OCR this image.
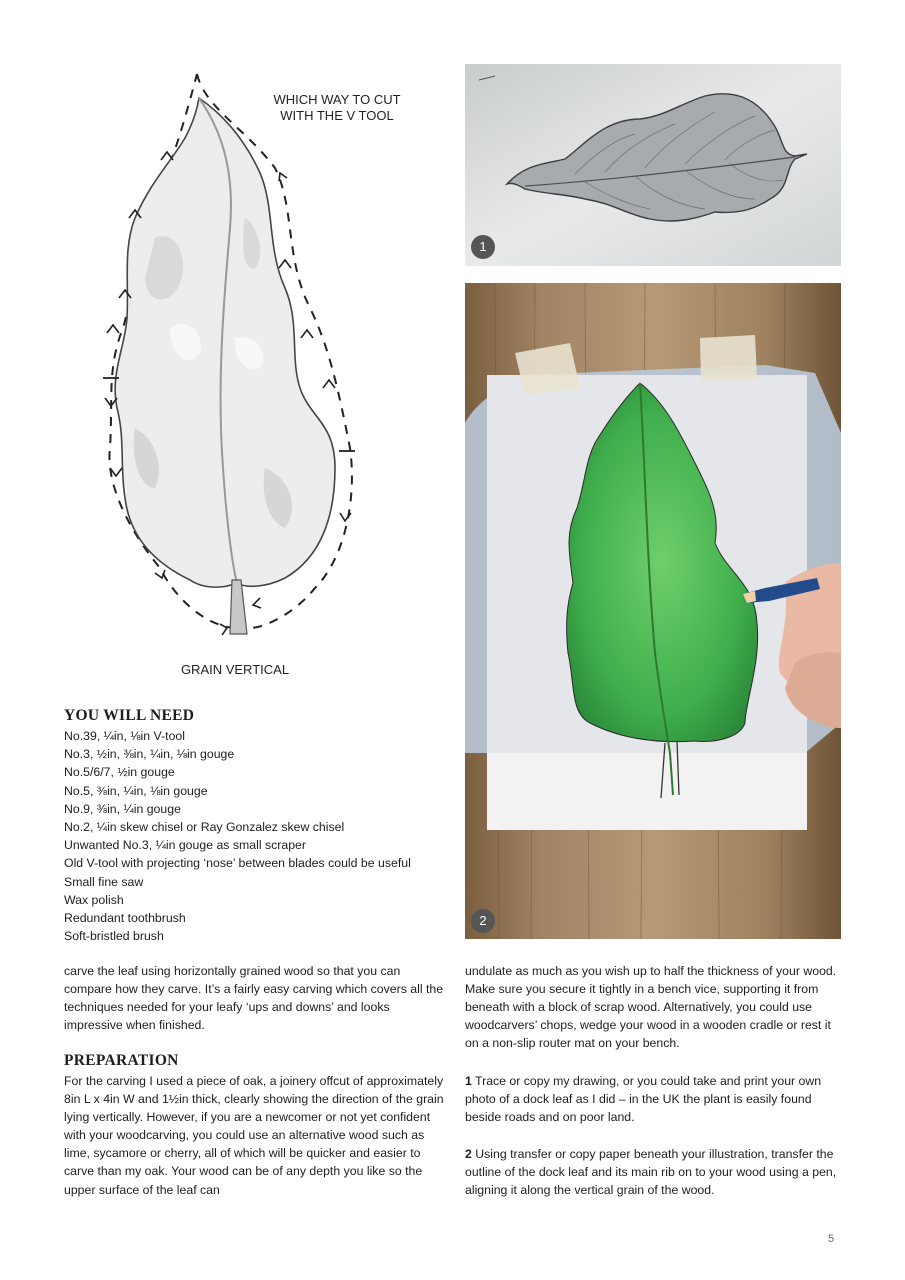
WHICH WAY TO CUT
WITH THE V TOOL
GRAIN VERTICAL
1
2
YOU WILL NEED
No.39, ¼in, ⅛in V-tool
No.3, ½in, ⅜in, ¼in, ⅛in gouge
No.5/6/7, ½in gouge
No.5, ⅜in, ¼in, ⅛in gouge
No.9, ⅜in, ¼in gouge
No.2, ¼in skew chisel or Ray Gonzalez skew chisel
Unwanted No.3, ¼in gouge as small scraper
Old V-tool with projecting ‘nose’ between blades could be useful
Small fine saw
Wax polish
Redundant toothbrush
Soft-bristled brush

carve the leaf using horizontally grained wood so that you can compare how they carve. It’s a fairly easy carving which covers all the techniques needed for your leafy ‘ups and downs’ and looks impressive when finished.

PREPARATION

For the carving I used a piece of oak, a joinery offcut of approximately 8in L x 4in W and 1½in thick, clearly showing the direction of the grain lying vertically. However, if you are a newcomer or not yet confident with your woodcarving, you could use an alternative wood such as lime, sycamore or cherry, all of which will be quicker and easier to carve than my oak. Your wood can be of any depth you like so the upper surface of the leaf can

undulate as much as you wish up to half the thickness of your wood. Make sure you secure it tightly in a bench vice, supporting it from beneath with a block of scrap wood. Alternatively, you could use woodcarvers’ chops, wedge your wood in a wooden cradle or rest it on a non-slip router mat on your bench.

1 Trace or copy my drawing, or you could take and print your own photo of a dock leaf as I did – in the UK the plant is easily found beside roads and on poor land.

2 Using transfer or copy paper beneath your illustration, transfer the outline of the dock leaf and its main rib on to your wood using a pen, aligning it along the vertical grain of the wood.

5
